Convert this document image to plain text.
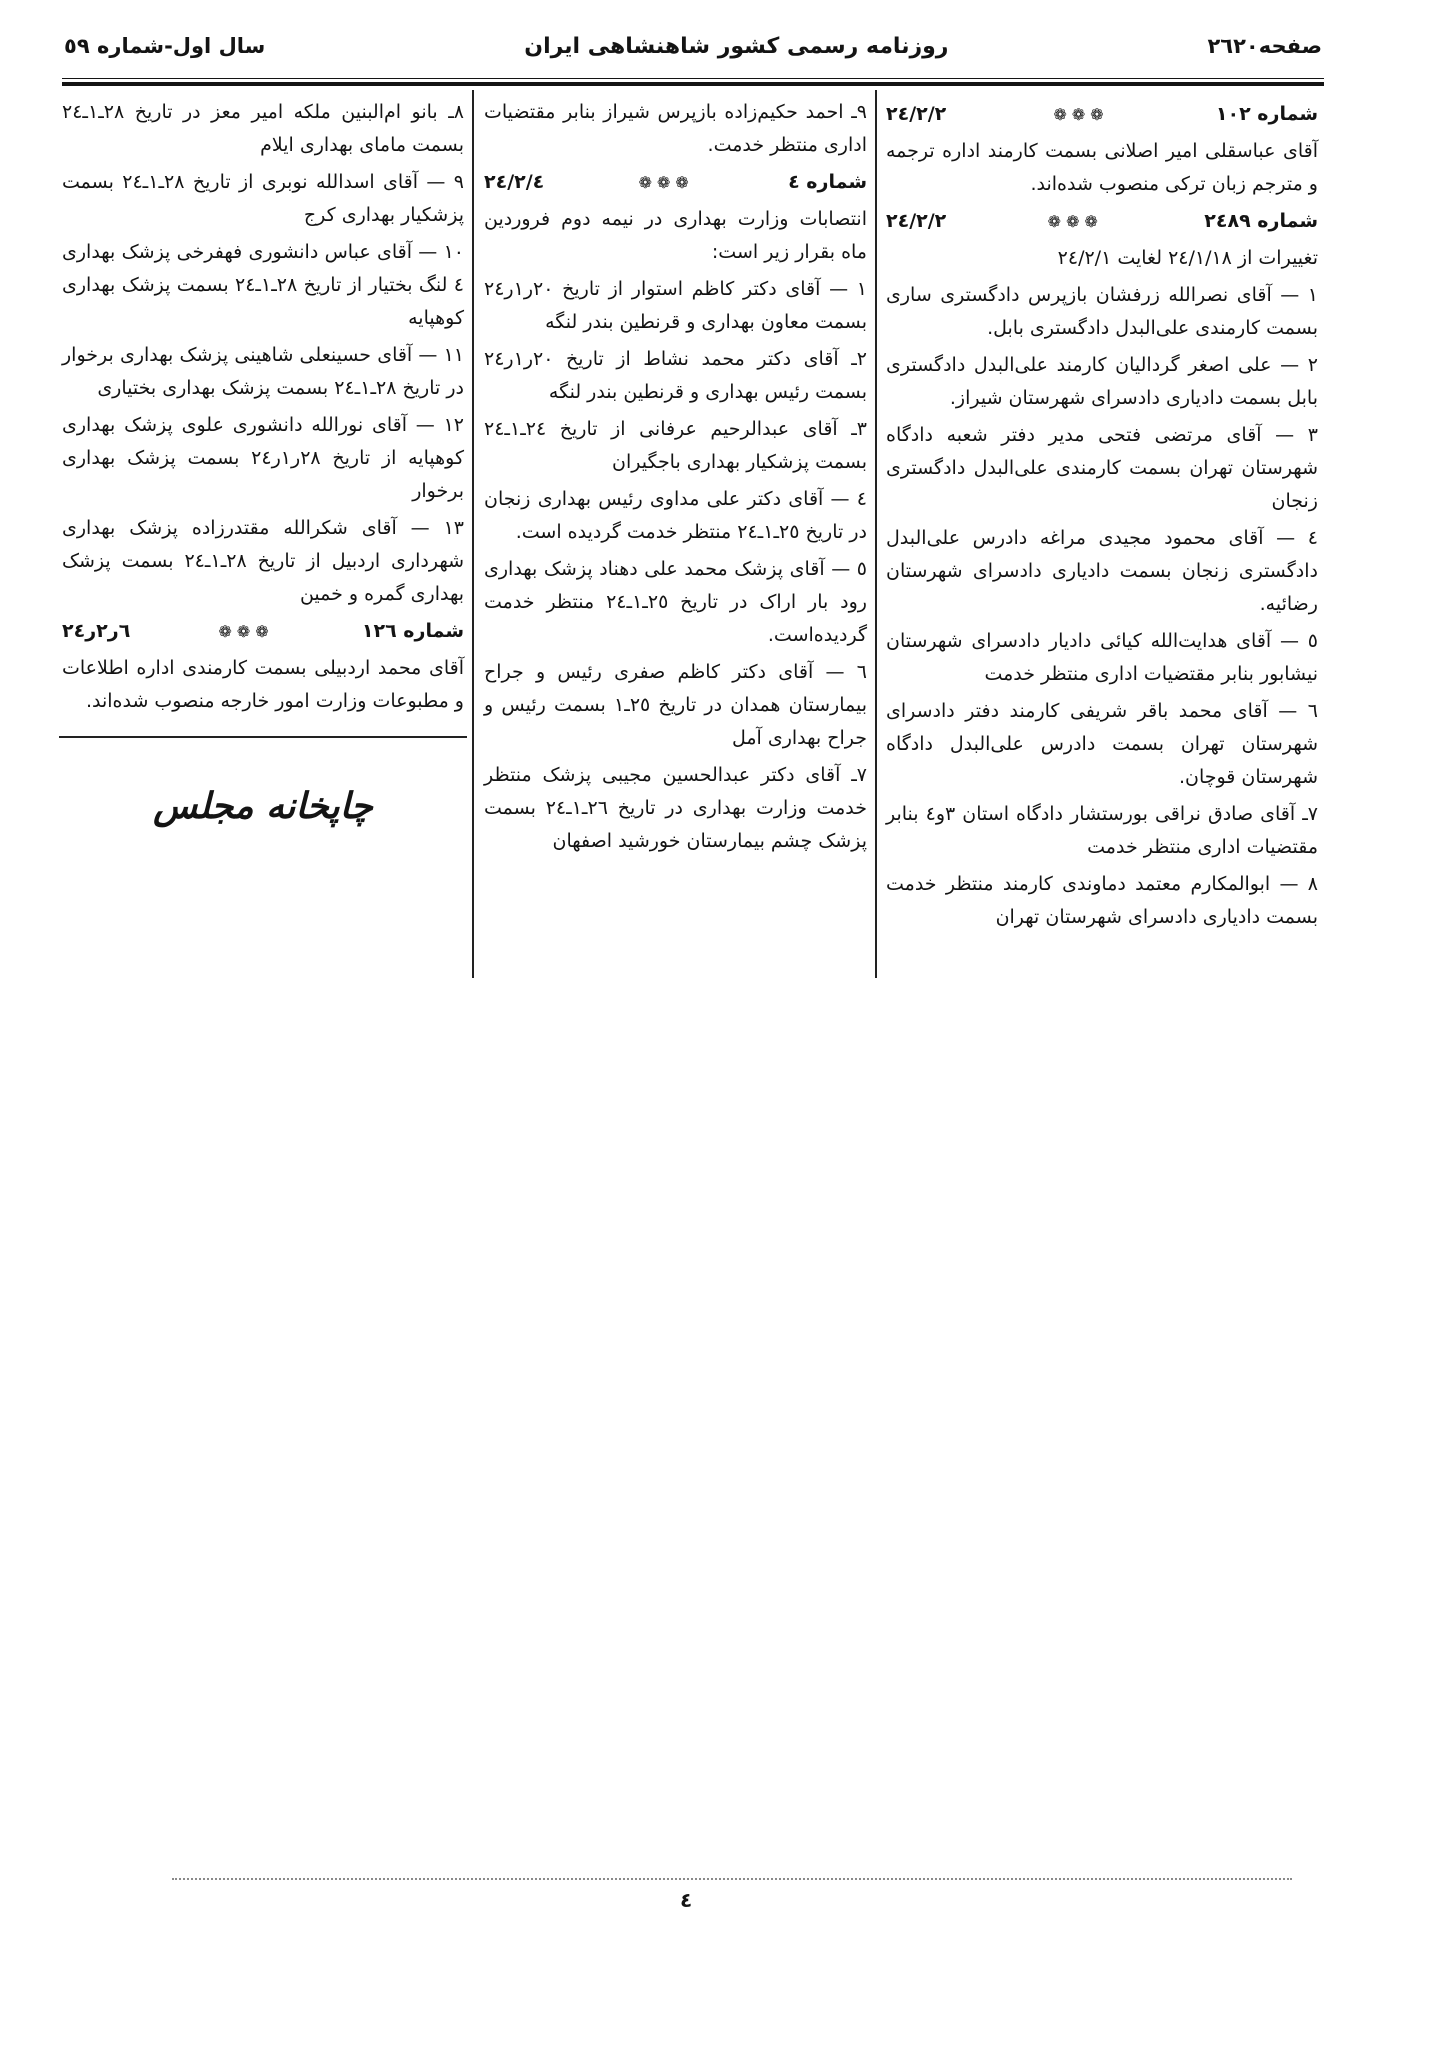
صفحه٢٦٢٠
روزنامه رسمی کشور شاهنشاهی ایران
سال اول-شماره ٥٩
شماره ١٠٢
❁❁❁
٢٤/٢/٢

آقای عباسقلی امیر اصلانی بسمت کارمند اداره ترجمه و مترجم زبان ترکی منصوب شده‌اند.

شماره ٢٤٨٩
❁❁❁
٢٤/٢/٢

تغییرات از ٢٤/١/١٨ لغایت ٢٤/٢/١

١ — آقای نصرالله زرفشان بازپرس دادگستری ساری بسمت کارمندی علی‌البدل دادگستری بابل.

٢ — علی اصغر گردالیان کارمند علی‌البدل دادگستری بابل بسمت دادیاری دادسرای شهرستان شیراز.

٣ — آقای مرتضی فتحی مدیر دفتر شعبه دادگاه شهرستان تهران بسمت کارمندی علی‌البدل دادگستری زنجان

٤ — آقای محمود مجیدی مراغه دادرس علی‌البدل دادگستری زنجان بسمت دادیاری دادسرای شهرستان رضائیه.

٥ — آقای هدایت‌الله کیائی دادیار دادسرای شهرستان نیشابور بنابر مقتضیات اداری منتظر خدمت

٦ — آقای محمد باقر شریفی کارمند دفتر دادسرای شهرستان تهران بسمت دادرس علی‌البدل دادگاه شهرستان قوچان.

٧ـ آقای صادق نراقی بورستشار دادگاه استان ٣و٤ بنابر مقتضیات اداری منتظر خدمت

٨ — ابوالمکارم معتمد دماوندی کارمند منتظر خدمت بسمت دادیاری دادسرای شهرستان تهران

٩ـ احمد حکیم‌زاده بازپرس شیراز بنابر مقتضیات اداری منتظر خدمت.

شماره ٤
❁❁❁
٢٤/٢/٤

انتصابات وزارت بهداری در نیمه دوم فروردین ماه بقرار زیر است:

١ — آقای دکتر کاظم استوار از تاریخ ٢٠ر١ر٢٤ بسمت معاون بهداری و قرنطین بندر لنگه

٢ـ آقای دکتر محمد نشاط از تاریخ ٢٠ر١ر٢٤ بسمت رئیس بهداری و قرنطین بندر لنگه

٣ـ آقای عبدالرحیم عرفانی از تاریخ ٢٤ـ١ـ٢٤ بسمت پزشکیار بهداری باجگیران

٤ — آقای دکتر علی مداوی رئیس بهداری زنجان در تاریخ ٢٥ـ١ـ٢٤ منتظر خدمت گردیده است.

٥ — آقای پزشک محمد علی دهناد پزشک بهداری رود بار اراک در تاریخ ٢٥ـ١ـ٢٤ منتظر خدمت گردیده‌است.

٦ — آقای دکتر کاظم صفری رئیس و جراح بیمارستان همدان در تاریخ ٢٥ـ١ بسمت رئیس و جراح بهداری آمل

٧ـ آقای دکتر عبدالحسین مجیبی پزشک منتظر خدمت وزارت بهداری در تاریخ ٢٦ـ١ـ٢٤ بسمت پزشک چشم بیمارستان خورشید اصفهان

٨ـ بانو ام‌البنین ملکه امیر معز در تاریخ ٢٨ـ١ـ٢٤ بسمت مامای بهداری ایلام

٩ — آقای اسدالله نوبری از تاریخ ٢٨ـ١ـ٢٤ بسمت پزشکیار بهداری کرج

١٠ — آقای عباس دانشوری فهفرخی پزشک بهداری ٤ لنگ بختیار از تاریخ ٢٨ـ١ـ٢٤ بسمت پزشک بهداری کوهپایه

١١ — آقای حسینعلی شاهینی پزشک بهداری برخوار در تاریخ ٢٨ـ١ـ٢٤ بسمت پزشک بهداری بختیاری

١٢ — آقای نورالله دانشوری علوی پزشک بهداری کوهپایه از تاریخ ٢٨ر١ر٢٤ بسمت پزشک بهداری برخوار

١٣ — آقای شکرالله مقتدرزاده پزشک بهداری شهرداری اردبیل از تاریخ ٢٨ـ١ـ٢٤ بسمت پزشک بهداری گمره و خمین

شماره ١٢٦
❁❁❁
٦ر٢ر٢٤

آقای محمد اردبیلی بسمت کارمندی اداره اطلاعات و مطبوعات وزارت امور خارجه منصوب شده‌اند.

چاپخانه مجلس
٤
